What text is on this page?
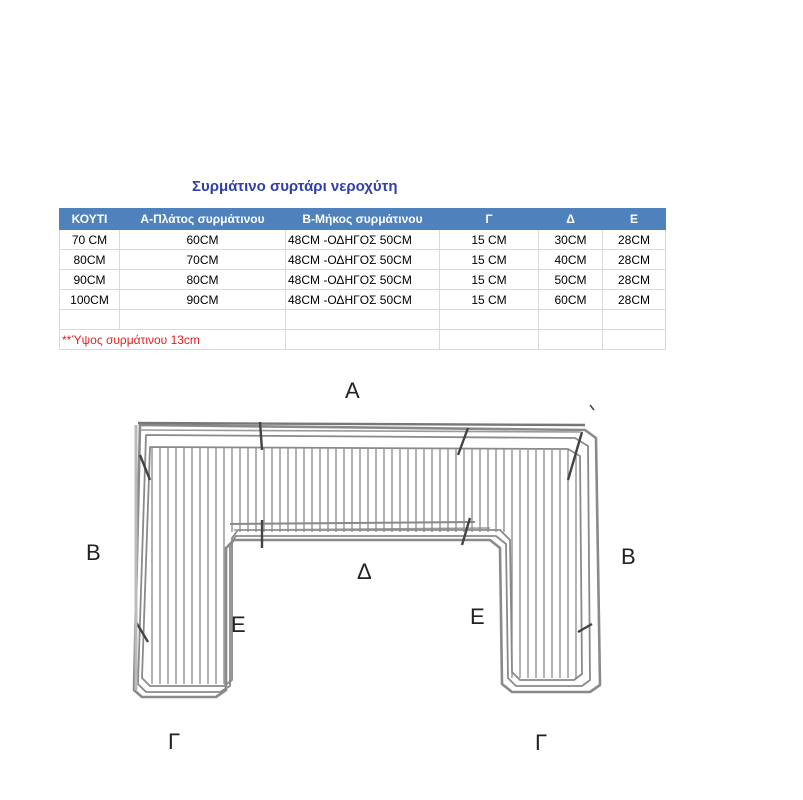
Συρμάτινο συρτάρι νεροχύτη
ΚΟΥΤΙ	Α-Πλάτος συρμάτινου	Β-Μήκος συρμάτινου	Γ	Δ	Ε
70 CM	60CM	48CM -ΟΔΗΓΟΣ 50CM	15 CM	30CM	28CM
80CM	70CM	48CM -ΟΔΗΓΟΣ 50CM	15 CM	40CM	28CM
90CM	80CM	48CM -ΟΔΗΓΟΣ 50CM	15 CM	50CM	28CM
100CM	90CM	48CM -ΟΔΗΓΟΣ 50CM	15 CM	60CM	28CM

**Ύψος συρμάτινου 13cm					
Α
Β	Β
Δ
Ε	Ε
Γ	Γ
